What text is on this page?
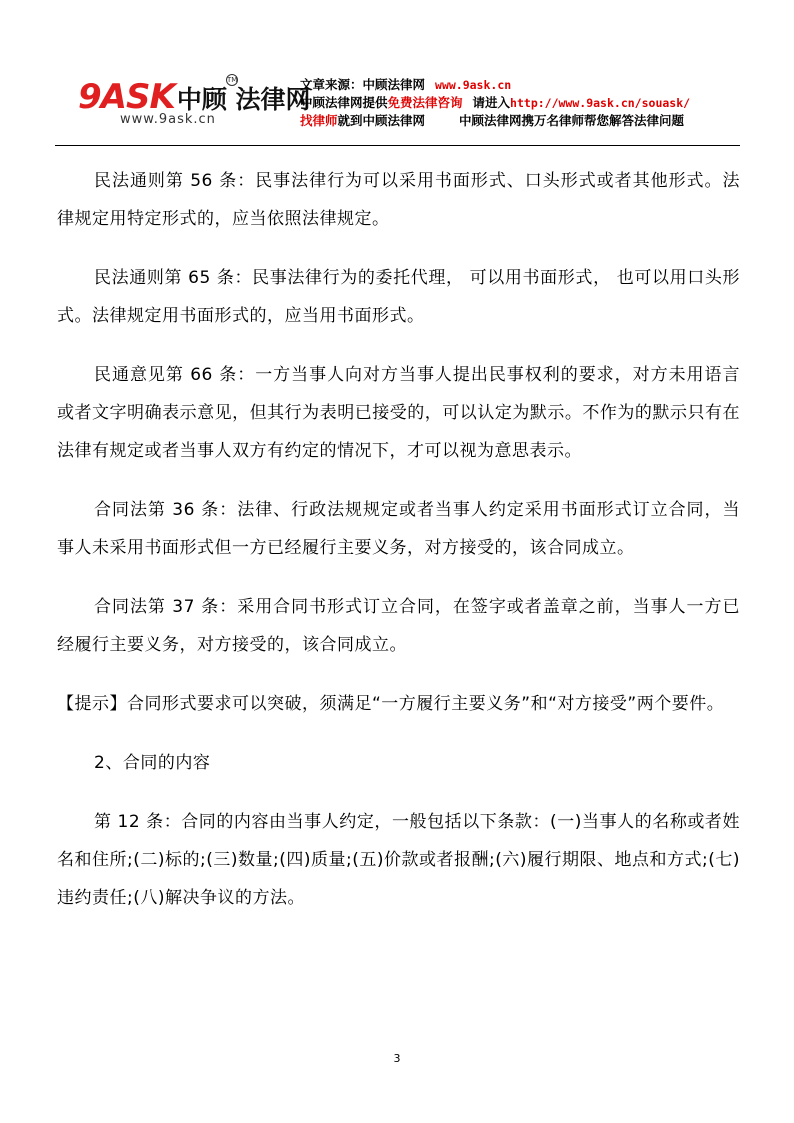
9ASK中顾 法律网
TM
www.9ask.cn
文章来源：中顾法律网 www.9ask.cn
中顾法律网提供免费法律咨询 请进入http://www.9ask.cn/souask/
找律师就到中顾法律网	中顾法律网携万名律师帮您解答法律问题

民法通则第 56 条：民事法律行为可以采用书面形式、口头形式或者其他形式。法律规定用特定形式的，应当依照法律规定。

民法通则第 65 条：民事法律行为的委托代理， 可以用书面形式， 也可以用口头形式。法律规定用书面形式的，应当用书面形式。

民通意见第 66 条：一方当事人向对方当事人提出民事权利的要求，对方未用语言或者文字明确表示意见，但其行为表明已接受的，可以认定为默示。不作为的默示只有在法律有规定或者当事人双方有约定的情况下，才可以视为意思表示。

合同法第 36 条：法律、行政法规规定或者当事人约定采用书面形式订立合同，当事人未采用书面形式但一方已经履行主要义务，对方接受的，该合同成立。

合同法第 37 条：采用合同书形式订立合同，在签字或者盖章之前，当事人一方已经履行主要义务，对方接受的，该合同成立。

【提示】合同形式要求可以突破，须满足“一方履行主要义务”和“对方接受”两个要件。

2、合同的内容

第 12 条：合同的内容由当事人约定，一般包括以下条款：(一)当事人的名称或者姓名和住所;(二)标的;(三)数量;(四)质量;(五)价款或者报酬;(六)履行期限、地点和方式;(七)违约责任;(八)解决争议的方法。

3
